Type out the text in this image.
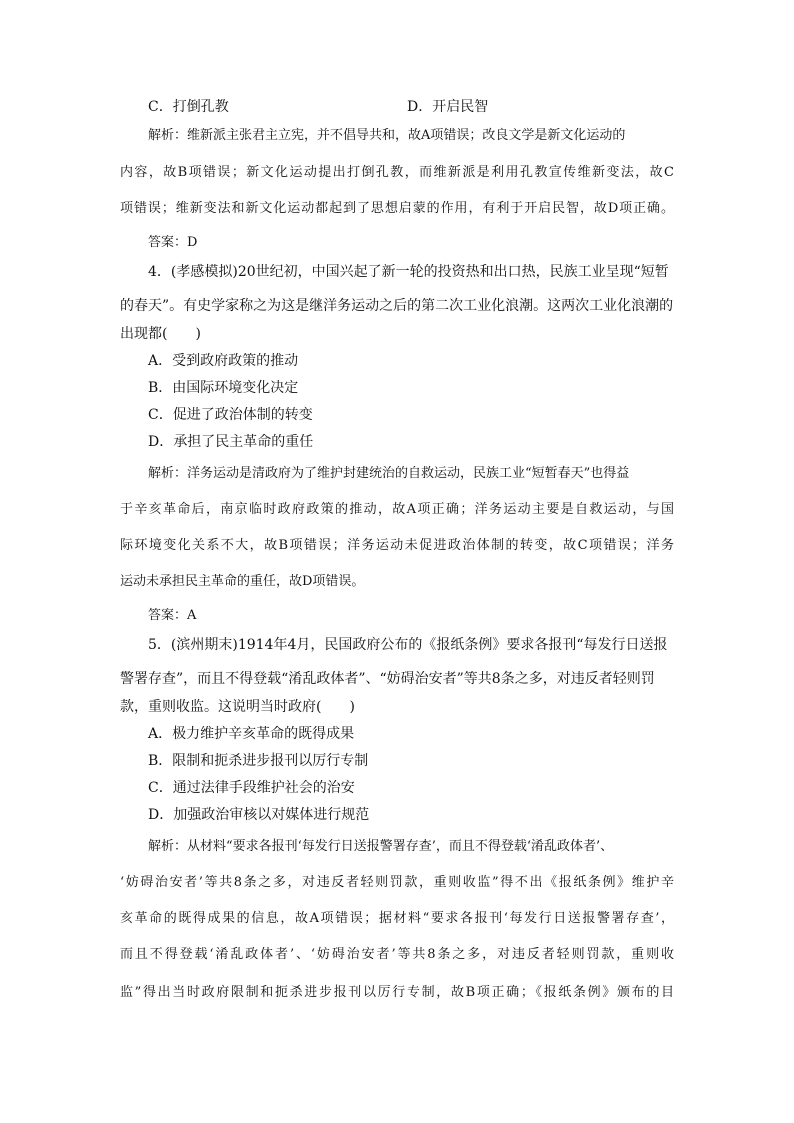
C．打倒孔教	D．开启民智
解析：维新派主张君主立宪，并不倡导共和，故A项错误；改良文学是新文化运动的
内容，故B项错误；新文化运动提出打倒孔教，而维新派是利用孔教宣传维新变法，故C
项错误；维新变法和新文化运动都起到了思想启蒙的作用，有利于开启民智，故D项正确。
答案：D
4．(孝感模拟)20世纪初，中国兴起了新一轮的投资热和出口热，民族工业呈现“短暂
的春天”。有史学家称之为这是继洋务运动之后的第二次工业化浪潮。这两次工业化浪潮的
出现都(　　)
A．受到政府政策的推动
B．由国际环境变化决定
C．促进了政治体制的转变
D．承担了民主革命的重任
解析：洋务运动是清政府为了维护封建统治的自救运动，民族工业“短暂春天”也得益
于辛亥革命后，南京临时政府政策的推动，故A项正确；洋务运动主要是自救运动，与国
际环境变化关系不大，故B项错误；洋务运动未促进政治体制的转变，故C项错误；洋务
运动未承担民主革命的重任，故D项错误。
答案：A
5．(滨州期末)1914年4月，民国政府公布的《报纸条例》要求各报刊“每发行日送报
警署存查”，而且不得登载“淆乱政体者”、“妨碍治安者”等共8条之多，对违反者轻则罚
款，重则收监。这说明当时政府(　　)
A．极力维护辛亥革命的既得成果
B．限制和扼杀进步报刊以厉行专制
C．通过法律手段维护社会的治安
D．加强政治审核以对媒体进行规范
解析：从材料“要求各报刊‘每发行日送报警署存查’，而且不得登载‘淆乱政体者’、
‘妨碍治安者’等共8条之多，对违反者轻则罚款，重则收监”得不出《报纸条例》维护辛
亥革命的既得成果的信息，故A项错误；据材料“要求各报刊‘每发行日送报警署存查’，
而且不得登载‘淆乱政体者’、‘妨碍治安者’等共8条之多，对违反者轻则罚款，重则收
监”得出当时政府限制和扼杀进步报刊以厉行专制，故B项正确；《报纸条例》颁布的目
